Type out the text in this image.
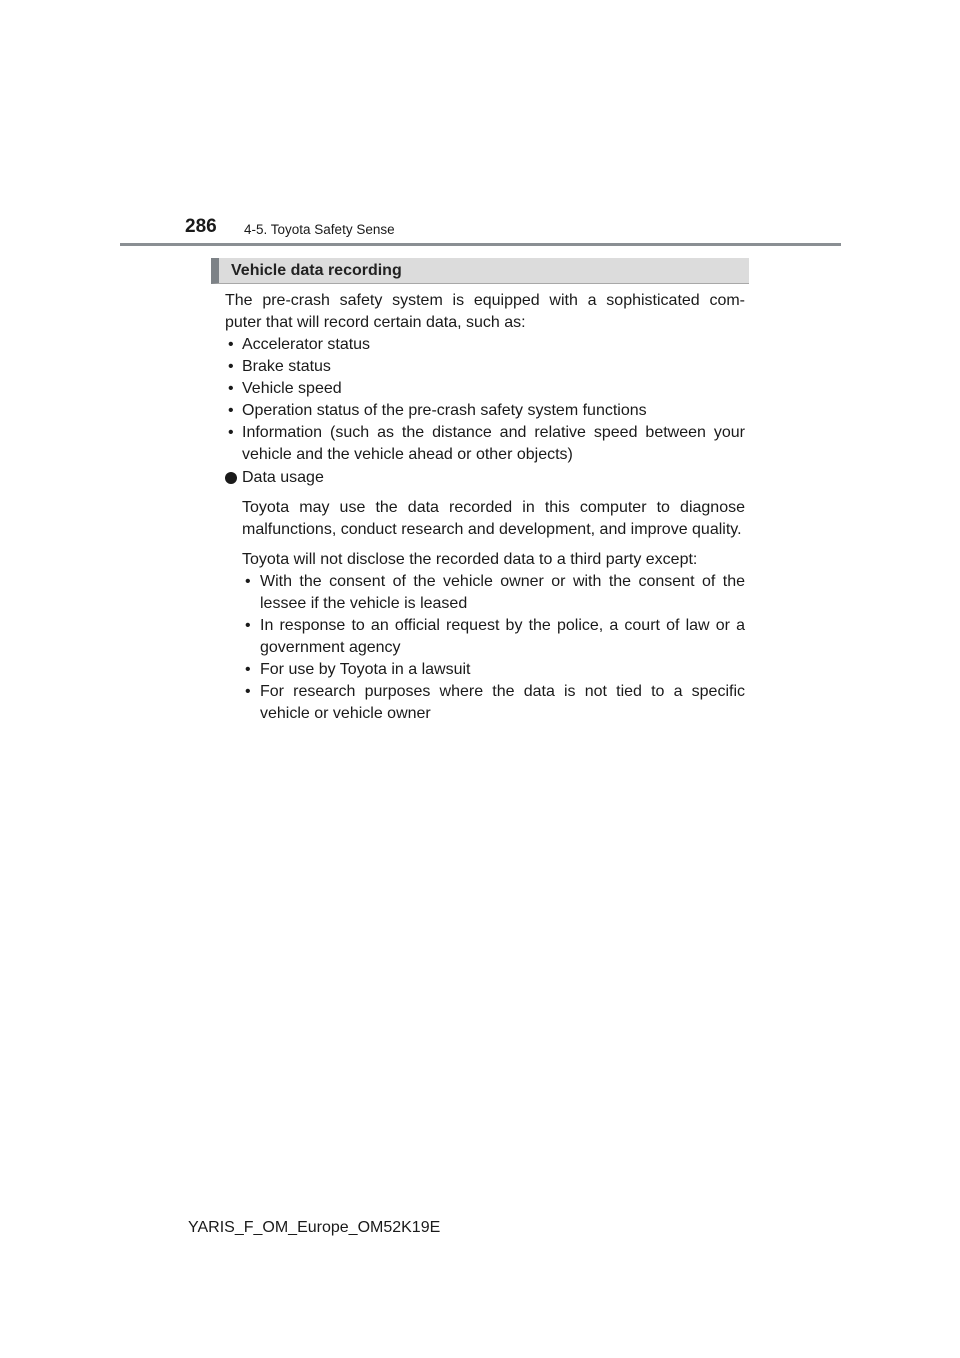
286 4-5. Toyota Safety Sense
Vehicle data recording

The pre-crash safety system is equipped with a sophisticated com-
puter that will record certain data, such as:

• Accelerator status
• Brake status
• Vehicle speed
• Operation status of the pre-crash safety system functions
• Information (such as the distance and relative speed between your vehicle and the vehicle ahead or other objects)
Data usage

Toyota may use the data recorded in this computer to diagnose malfunctions, conduct research and development, and improve quality.

Toyota will not disclose the recorded data to a third party except:

• With the consent of the vehicle owner or with the consent of the lessee if the vehicle is leased
• In response to an official request by the police, a court of law or a government agency
• For use by Toyota in a lawsuit
• For research purposes where the data is not tied to a specific vehicle or vehicle owner
YARIS_F_OM_Europe_OM52K19E
